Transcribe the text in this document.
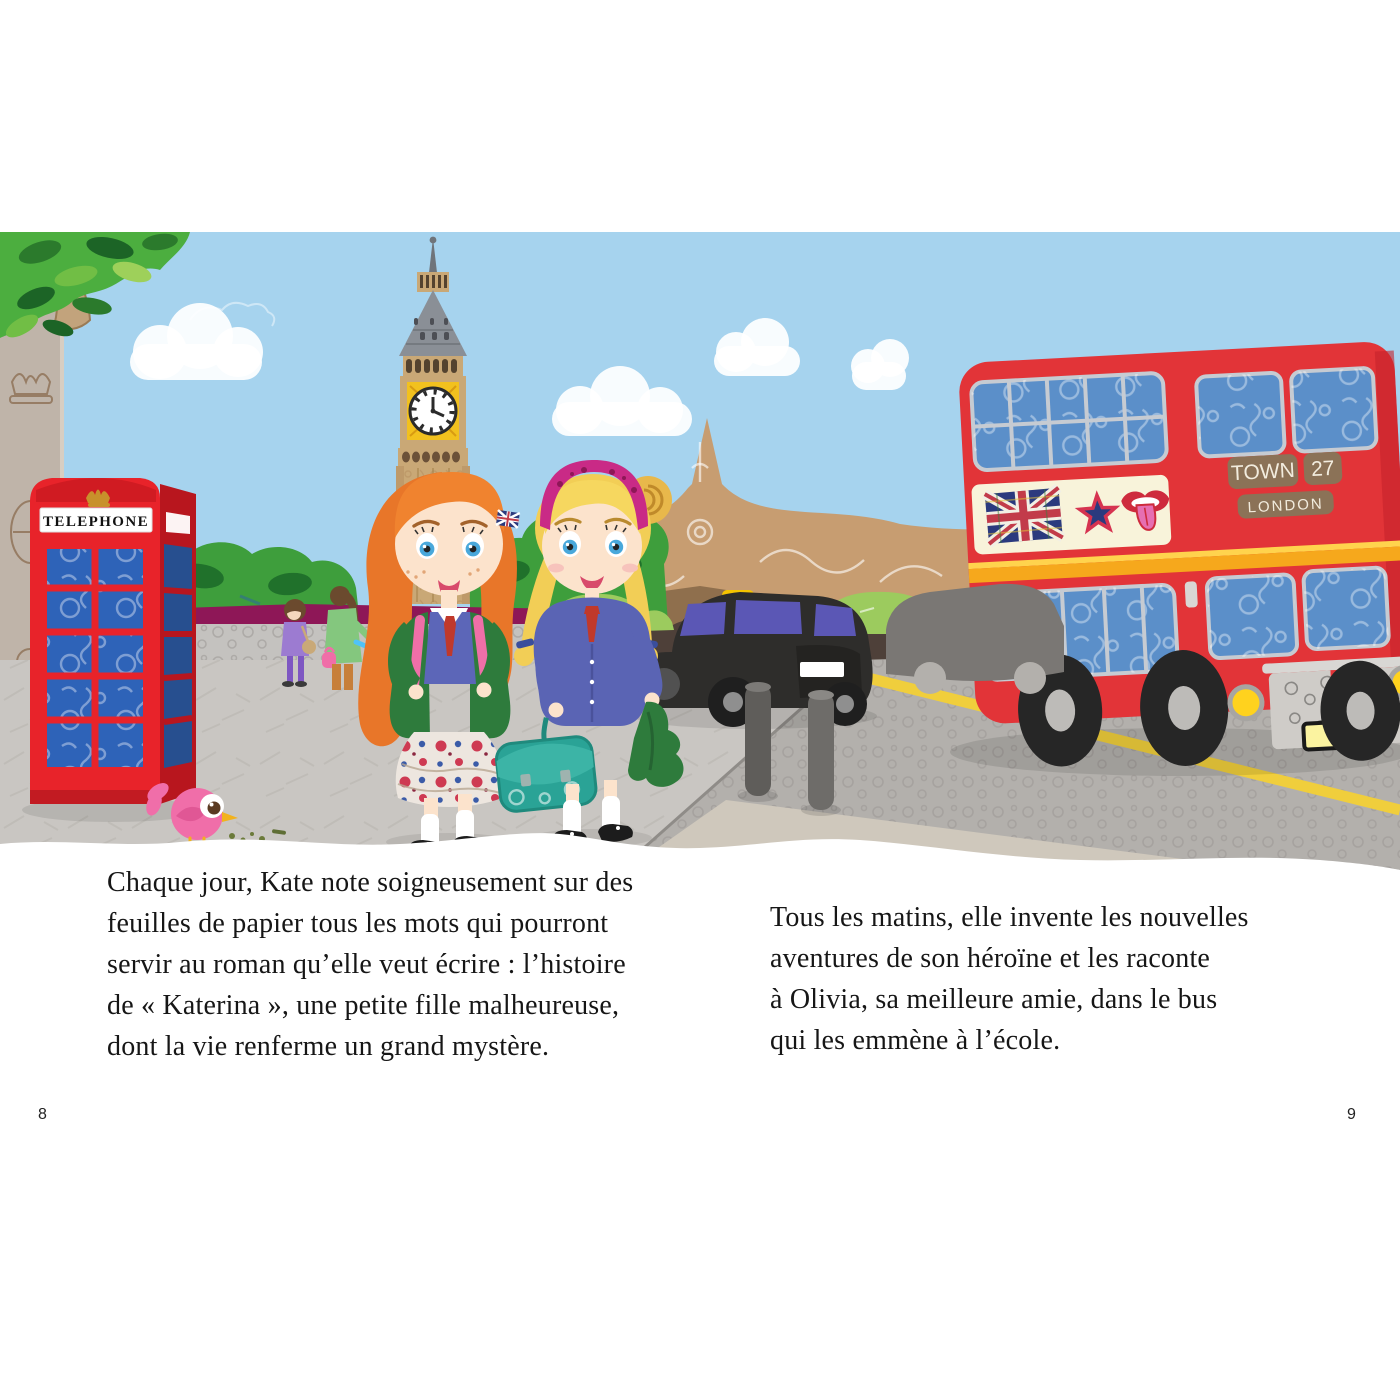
TELEPHONE
TOWN 27
LONDON
Chaque jour, Kate note soigneusement sur des
feuilles de papier tous les mots qui pourront
servir au roman qu’elle veut écrire : l’histoire
de « Katerina », une petite fille malheureuse,
dont la vie renferme un grand mystère.
Tous les matins, elle invente les nouvelles
aventures de son héroïne et les raconte
à Olivia, sa meilleure amie, dans le bus
qui les emmène à l’école.
8	9
